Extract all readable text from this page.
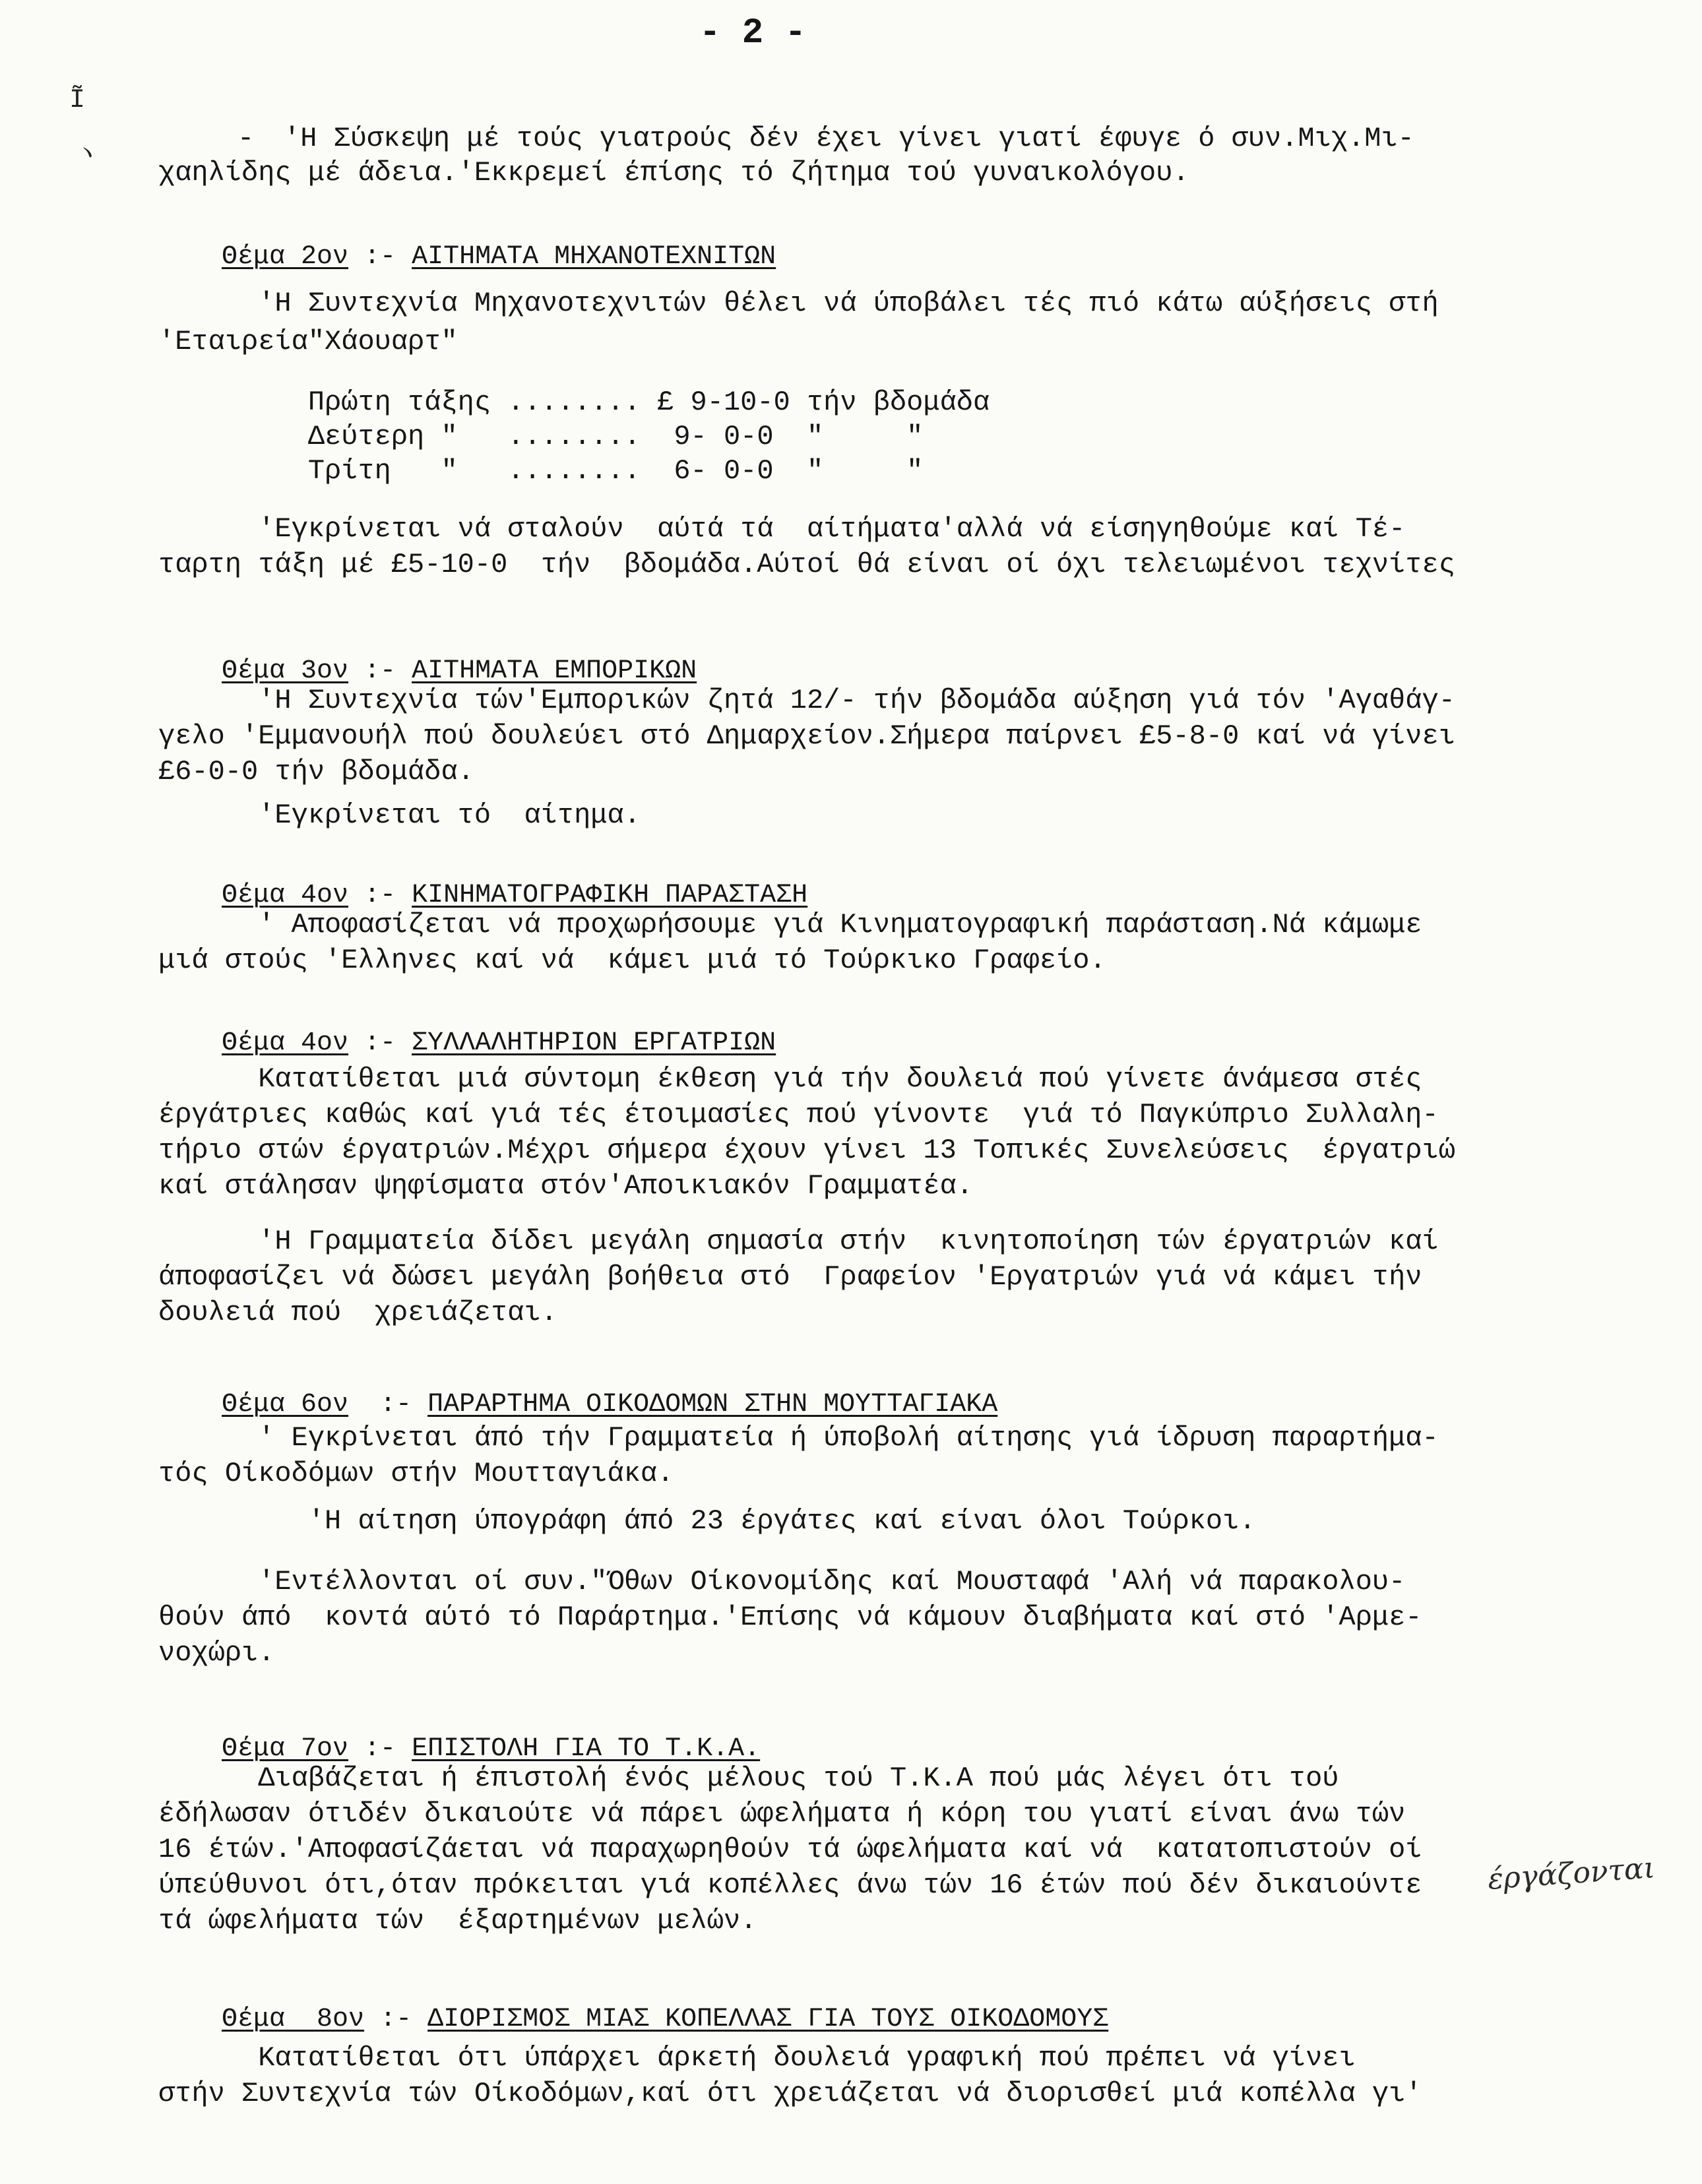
- 2 -
Ĩ
ヽ
- 'Η Σύσκεψη μέ τούς γιατρούς δέν έχει γίνει γιατί έφυγε ό συν.Μιχ.Μι-
χαηλίδης μέ άδεια.'Εκκρεμεί έπίσης τό ζήτημα τού γυναικολόγου.

Θέμα 2ον :- ΑΙΤΗΜΑΤΑ ΜΗΧΑΝΟΤΕΧΝΙΤΩΝ

'Η Συντεχνία Μηχανοτεχνιτών θέλει νά ύποβάλει τές πιό κάτω αύξήσεις στή
'Εταιρεία"Χάουαρτ"
Πρώτη τάξης ........ £ 9-10-0 τήν βδομάδα
Δεύτερη "   ........  9- 0-0  "     "
Τρίτη   "   ........  6- 0-0  "     "
'Εγκρίνεται νά σταλούν  αύτά τά  αίτήματα'αλλά νά είσηγηθούμε καί Τέ-
ταρτη τάξη μέ £5-10-0  τήν  βδομάδα.Αύτοί θά είναι οί όχι τελειωμένοι τεχνίτες

Θέμα 3ον :- ΑΙΤΗΜΑΤΑ ΕΜΠΟΡΙΚΩΝ

'Η Συντεχνία τών'Εμπορικών ζητά 12/- τήν βδομάδα αύξηση γιά τόν 'Αγαθάγ-
γελο 'Εμμανουήλ πού δουλεύει στό Δημαρχείον.Σήμερα παίρνει £5-8-0 καί νά γίνει
£6-0-0 τήν βδομάδα.
'Εγκρίνεται τό  αίτημα.

Θέμα 4ον :- ΚΙΝΗΜΑΤΟΓΡΑΦΙΚΗ ΠΑΡΑΣΤΑΣΗ

' Αποφασίζεται νά προχωρήσουμε γιά Κινηματογραφική παράσταση.Νά κάμωμε
μιά στούς 'Ελληνες καί νά  κάμει μιά τό Τούρκικο Γραφείο.

Θέμα 4ον :- ΣΥΛΛΑΛΗΤΗΡΙΟΝ ΕΡΓΑΤΡΙΩΝ

Κατατίθεται μιά σύντομη έκθεση γιά τήν δουλειά πού γίνετε άνάμεσα στές
έργάτριες καθώς καί γιά τές έτοιμασίες πού γίνοντε  γιά τό Παγκύπριο Συλλαλη-
τήριο στών έργατριών.Μέχρι σήμερα έχουν γίνει 13 Τοπικές Συνελεύσεις  έργατριώ
καί στάλησαν ψηφίσματα στόν'Αποικιακόν Γραμματέα.
'Η Γραμματεία δίδει μεγάλη σημασία στήν  κινητοποίηση τών έργατριών καί
άποφασίζει νά δώσει μεγάλη βοήθεια στό  Γραφείον 'Εργατριών γιά νά κάμει τήν
δουλειά πού  χρειάζεται.

Θέμα 6ον  :- ΠΑΡΑΡΤΗΜΑ ΟΙΚΟΔΟΜΩΝ ΣΤΗΝ ΜΟΥΤΤΑΓΙΑΚΑ

' Εγκρίνεται άπό τήν Γραμματεία ή ύποβολή αίτησης γιά ίδρυση παραρτήμα-
τός Οίκοδόμων στήν Μουτταγιάκα.
'Η αίτηση ύπογράφη άπό 23 έργάτες καί είναι όλοι Τούρκοι.
'Εντέλλονται οί συν."Όθων Οίκονομίδης καί Μουσταφά 'Αλή νά παρακολου-
θούν άπό  κοντά αύτό τό Παράρτημα.'Επίσης νά κάμουν διαβήματα καί στό 'Αρμε-
νοχώρι.

Θέμα 7ον :- ΕΠΙΣΤΟΛΗ ΓΙΑ ΤΟ Τ.Κ.Α.

Διαβάζεται ή έπιστολή ένός μέλους τού Τ.Κ.Α πού μάς λέγει ότι τού
έδήλωσαν ότιδέν δικαιούτε νά πάρει ώφελήματα ή κόρη του γιατί είναι άνω τών
16 έτών.'Αποφασίζάεται νά παραχωρηθούν τά ώφελήματα καί νά  κατατοπιστούν οί
ύπεύθυνοι ότι,όταν πρόκειται γιά κοπέλλες άνω τών 16 έτών πού δέν δικαιούντε
τά ώφελήματα τών  έξαρτημένων μελών.
έργάζονται

Θέμα  8ον :- ΔΙΟΡΙΣΜΟΣ ΜΙΑΣ ΚΟΠΕΛΛΑΣ ΓΙΑ ΤΟΥΣ ΟΙΚΟΔΟΜΟΥΣ

Κατατίθεται ότι ύπάρχει άρκετή δουλειά γραφική πού πρέπει νά γίνει
στήν Συντεχνία τών Οίκοδόμων,καί ότι χρειάζεται νά διορισθεί μιά κοπέλλα γι'
